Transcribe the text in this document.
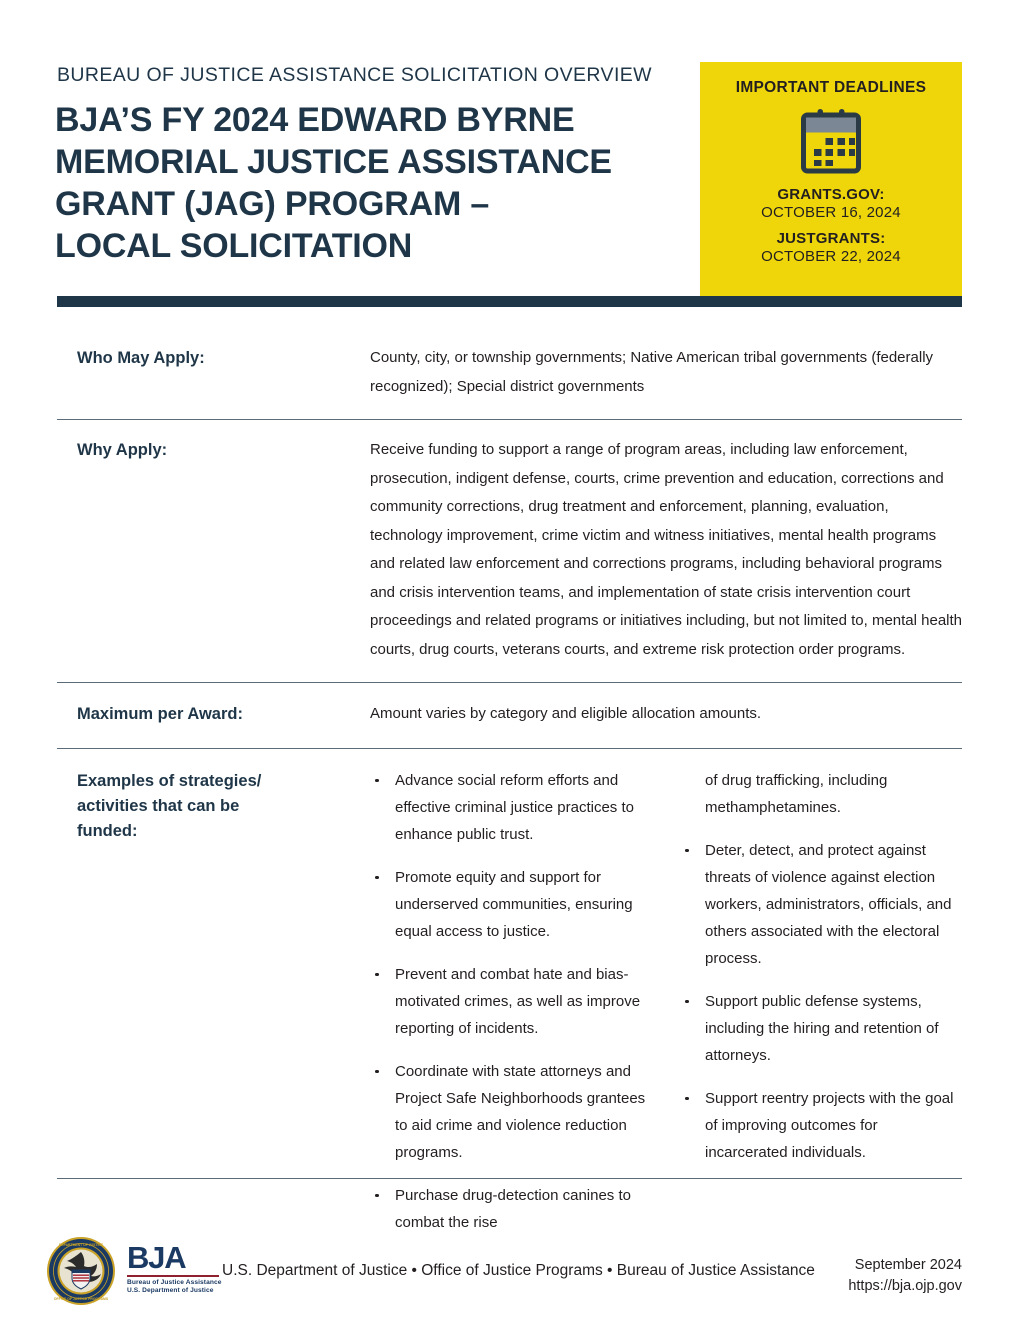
BUREAU OF JUSTICE ASSISTANCE SOLICITATION OVERVIEW
BJA’S FY 2024 EDWARD BYRNE
MEMORIAL JUSTICE ASSISTANCE
GRANT (JAG) PROGRAM –
LOCAL SOLICITATION
IMPORTANT DEADLINES
GRANTS.GOV:
OCTOBER 16, 2024
JUSTGRANTS:
OCTOBER 22, 2024
Who May Apply:	County, city, or township governments; Native American tribal governments (federally recognized); Special district governments

Why Apply:	Receive funding to support a range of program areas, including law enforcement, prosecution, indigent defense, courts, crime prevention and education, corrections and community corrections, drug treatment and enforcement, planning, evaluation, technology improvement, crime victim and witness initiatives, mental health programs and related law enforcement and corrections programs, including behavioral programs and crisis intervention teams, and implementation of state crisis intervention court proceedings and related programs or initiatives including, but not limited to, mental health courts, drug courts, veterans courts, and extreme risk protection order programs.

Maximum per Award:	Amount varies by category and eligible allocation amounts.

Examples of strategies/
activities that can be
funded:
Advance social reform efforts and effective criminal justice practices to enhance public trust.
Promote equity and support for underserved communities, ensuring equal access to justice.
Prevent and combat hate and bias-motivated crimes, as well as improve reporting of incidents.
Coordinate with state attorneys and Project Safe Neighborhoods grantees to aid crime and violence reduction programs.
Purchase drug-detection canines to combat the rise
of drug trafficking, including methamphetamines.
Deter, detect, and protect against threats of violence against election workers, administrators, officials, and others associated with the electoral process.
Support public defense systems, including the hiring and retention of attorneys.
Support reentry projects with the goal of improving outcomes for incarcerated individuals.
DEPARTMENT OF JUSTICE
OFFICE OF JUSTICE PROGRAMS
BJA
Bureau of Justice Assistance
U.S. Department of Justice
U.S. Department of Justice • Office of Justice Programs • Bureau of Justice Assistance	September 2024
https://bja.ojp.gov
